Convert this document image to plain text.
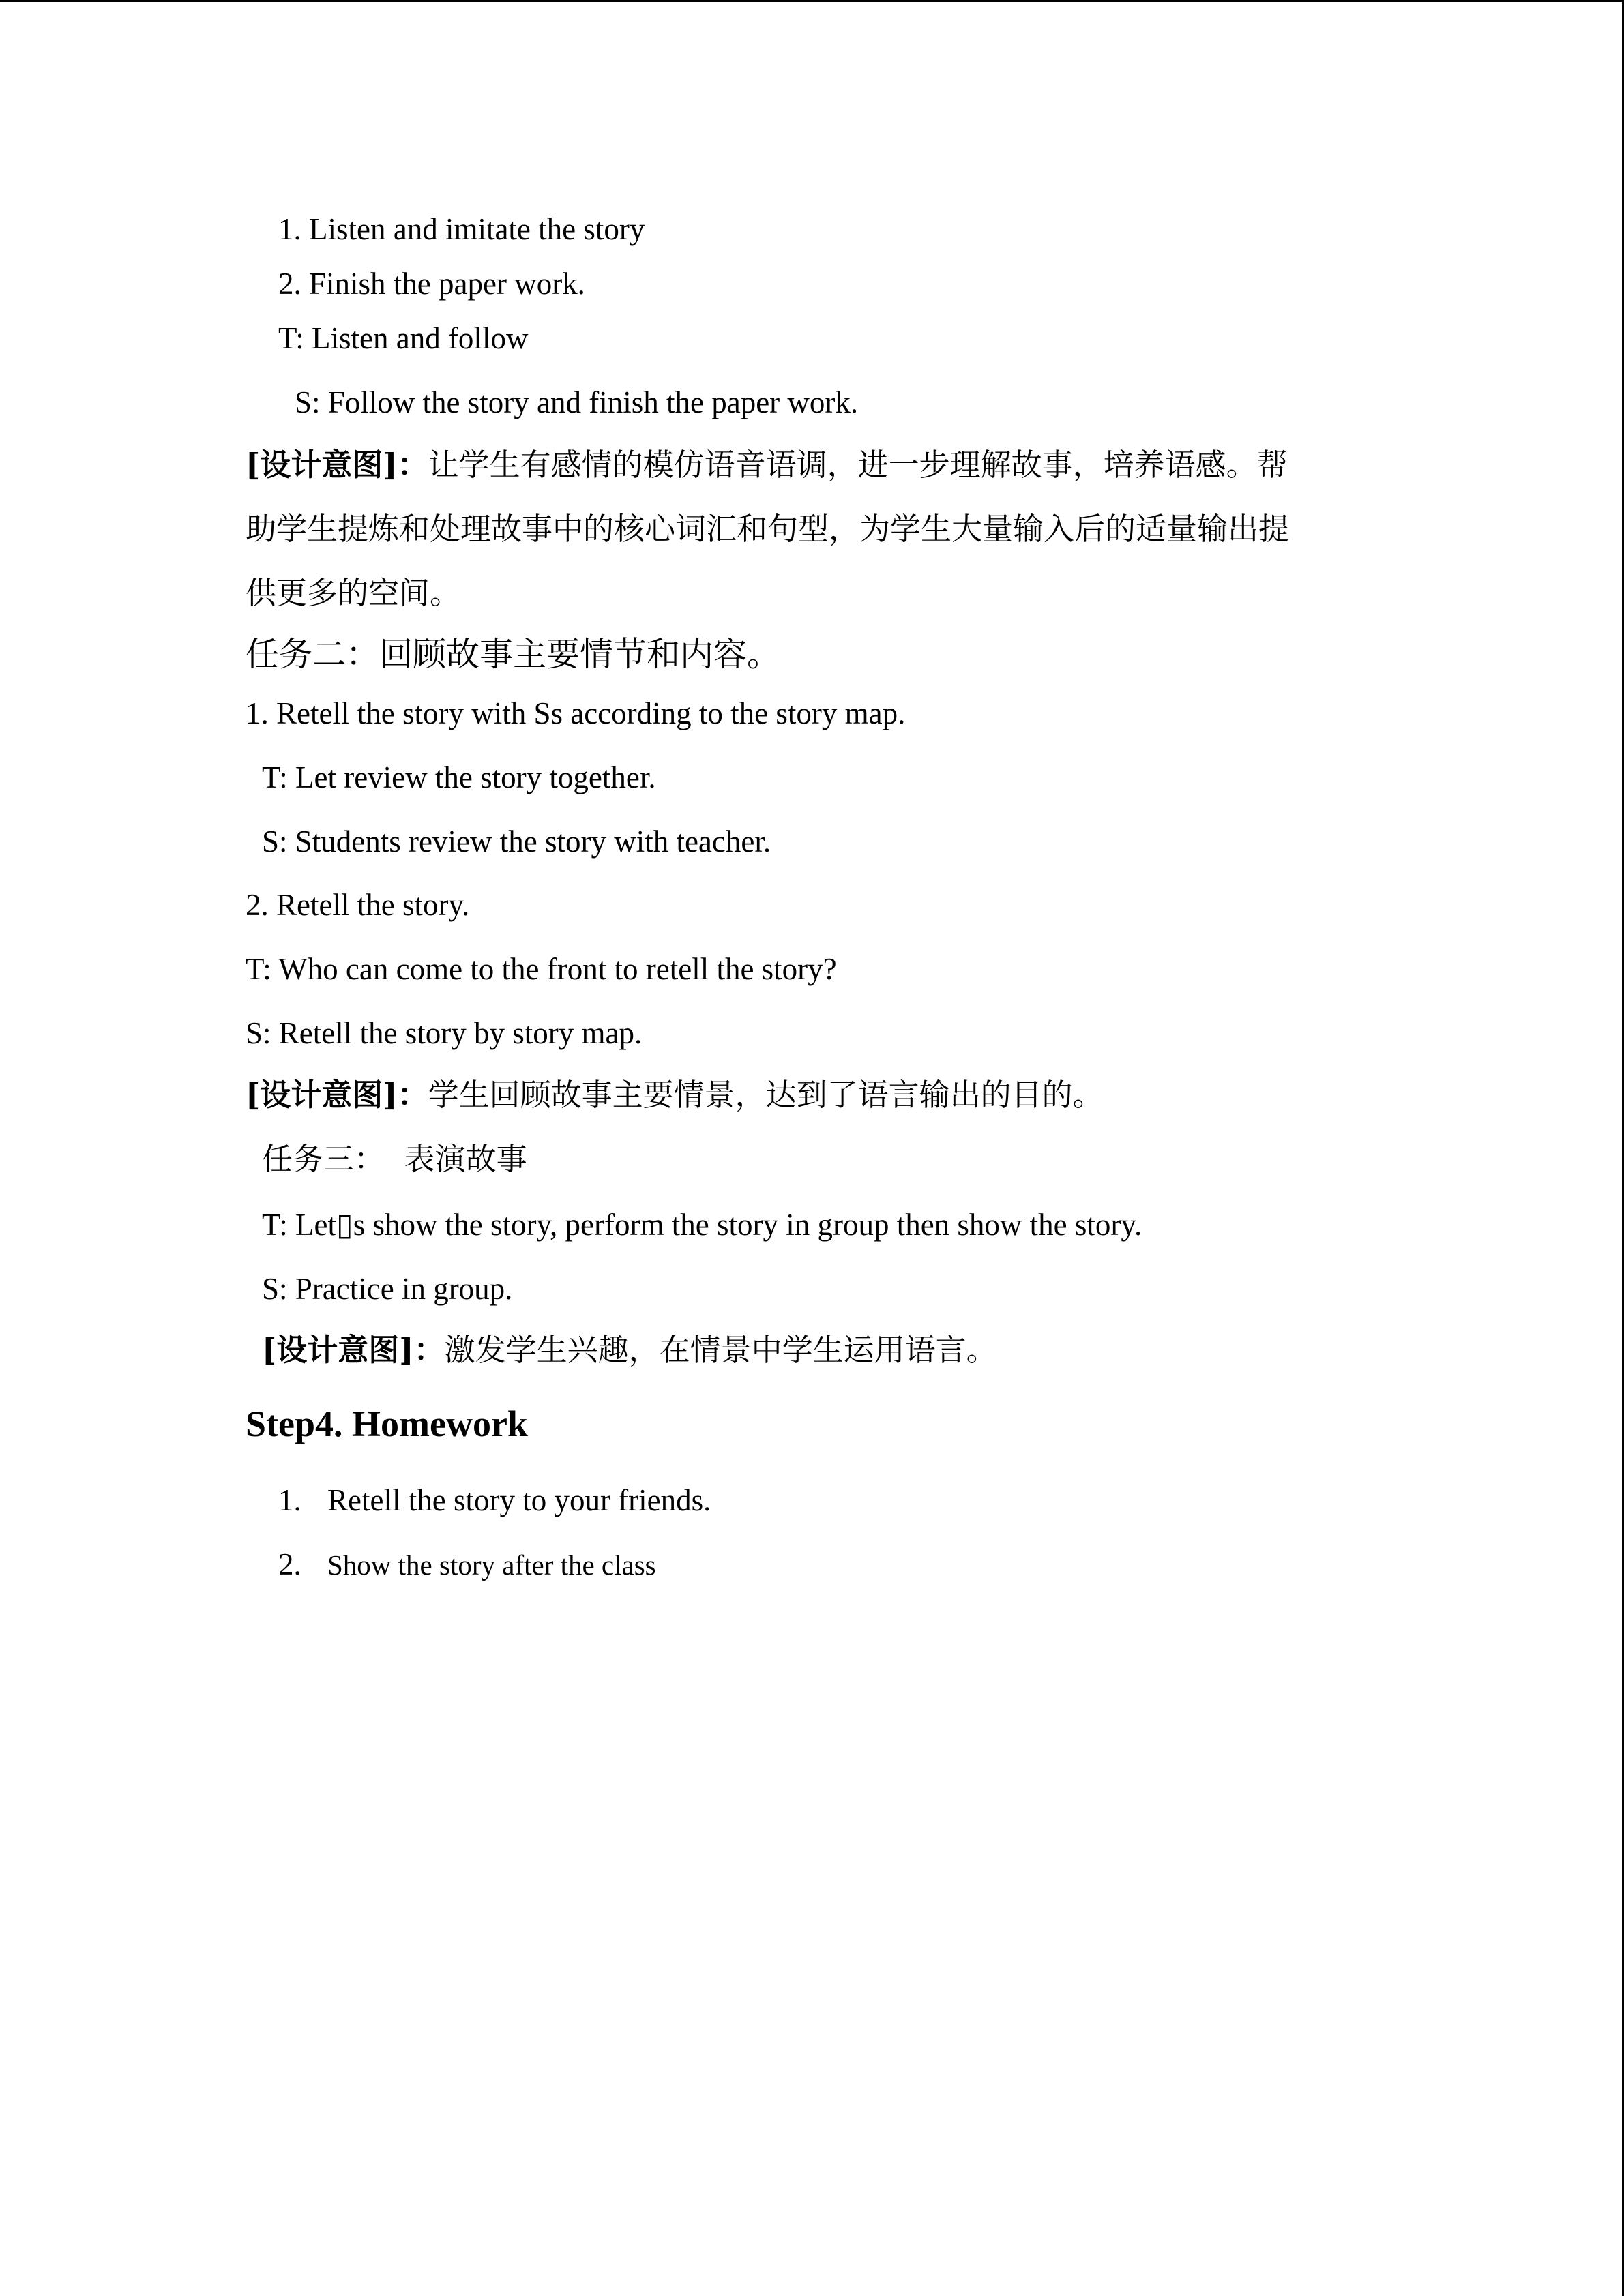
1. Listen and imitate the story
2. Finish the paper work.
T: Listen and follow
S: Follow the story and finish the paper work.
[设计意图]：让学生有感情的模仿语音语调，进一步理解故事，培养语感。帮
助学生提炼和处理故事中的核心词汇和句型，为学生大量输入后的适量输出提
供更多的空间。
任务二：回顾故事主要情节和内容。
1. Retell the story with Ss according to the story map.
T: Let review the story together.
S: Students review the story with teacher.
2. Retell the story.
T: Who can come to the front to retell the story?
S: Retell the story by story map.
[设计意图]：学生回顾故事主要情景，达到了语言输出的目的。
任务三：  表演故事
T: Let▯s show the story, perform the story in group then show the story.
S: Practice in group.
[设计意图]：激发学生兴趣，在情景中学生运用语言。
Step4. Homework
1. Retell the story to your friends.
2. Show the story after the class
